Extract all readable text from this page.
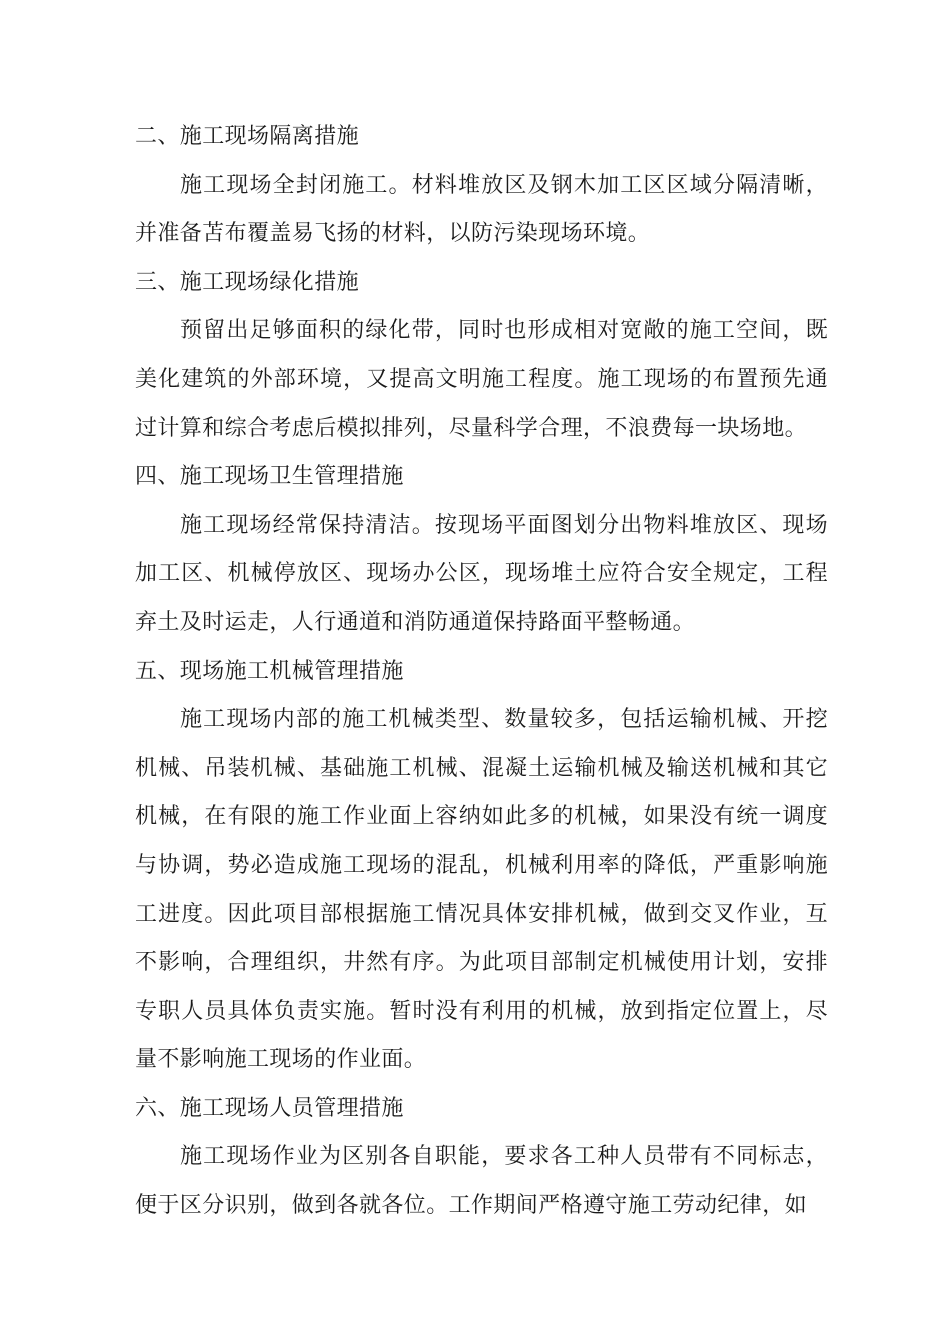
二、施工现场隔离措施

施工现场全封闭施工。材料堆放区及钢木加工区区域分隔清晰，并准备苫布覆盖易飞扬的材料，以防污染现场环境。

三、施工现场绿化措施

预留出足够面积的绿化带，同时也形成相对宽敞的施工空间，既美化建筑的外部环境，又提高文明施工程度。施工现场的布置预先通过计算和综合考虑后模拟排列，尽量科学合理，不浪费每一块场地。

四、施工现场卫生管理措施

施工现场经常保持清洁。按现场平面图划分出物料堆放区、现场加工区、机械停放区、现场办公区，现场堆土应符合安全规定，工程弃土及时运走，人行通道和消防通道保持路面平整畅通。

五、现场施工机械管理措施

施工现场内部的施工机械类型、数量较多，包括运输机械、开挖机械、吊装机械、基础施工机械、混凝土运输机械及输送机械和其它机械，在有限的施工作业面上容纳如此多的机械，如果没有统一调度与协调，势必造成施工现场的混乱，机械利用率的降低，严重影响施工进度。因此项目部根据施工情况具体安排机械，做到交叉作业，互不影响，合理组织，井然有序。为此项目部制定机械使用计划，安排专职人员具体负责实施。暂时没有利用的机械，放到指定位置上，尽量不影响施工现场的作业面。

六、施工现场人员管理措施

施工现场作业为区别各自职能，要求各工种人员带有不同标志，便于区分识别，做到各就各位。工作期间严格遵守施工劳动纪律，如
